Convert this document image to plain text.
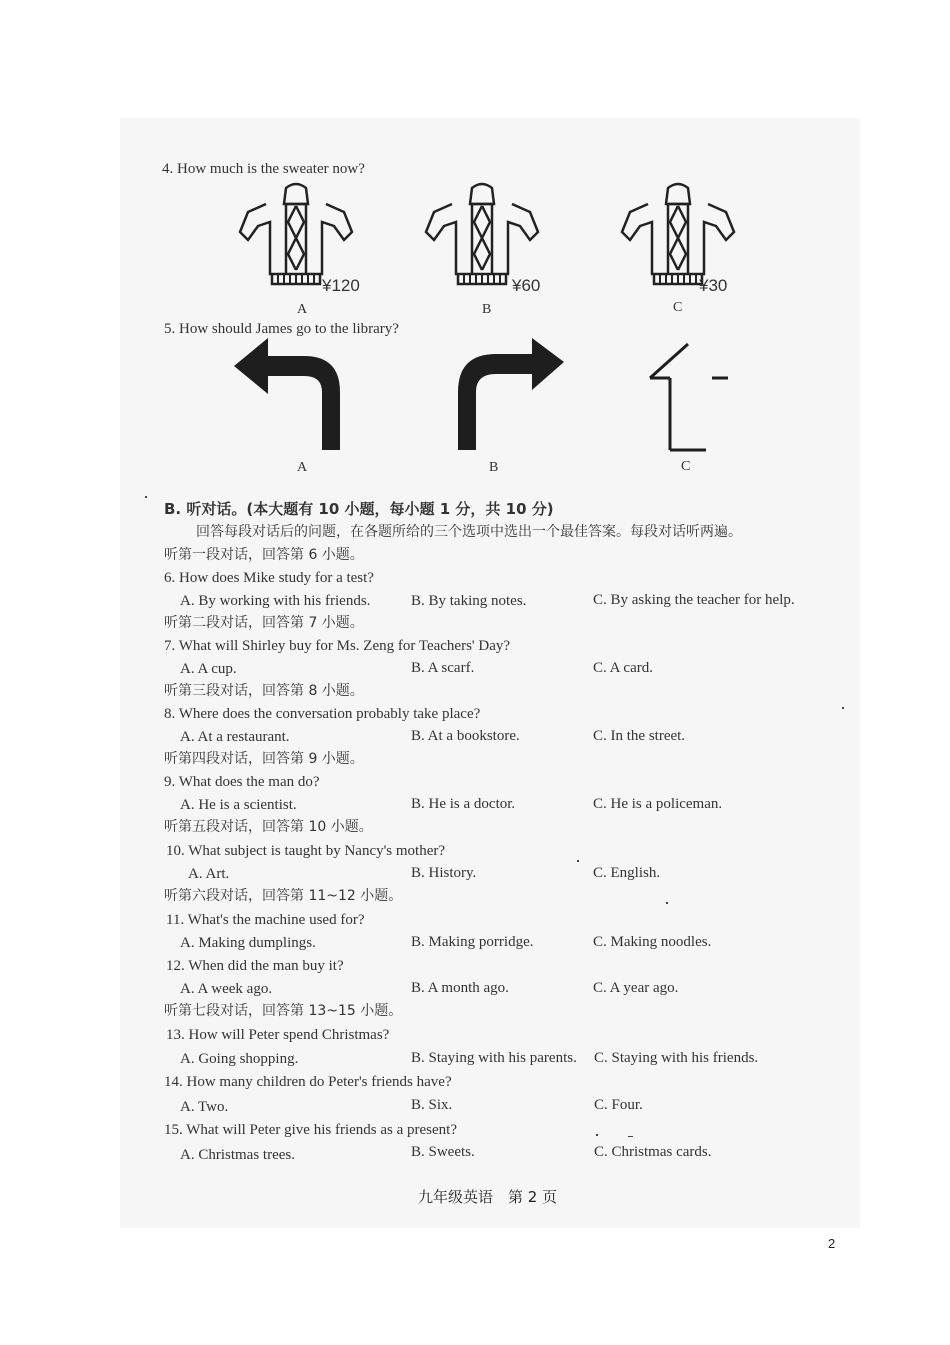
4. How much is the sweater now?
¥120
A
¥60
B
¥30
C
5. How should James go to the library?
A	B	C
B. 听对话。(本大题有 10 小题，每小题 1 分，共 10 分)
回答每段对话后的问题，在各题所给的三个选项中选出一个最佳答案。每段对话听两遍。
听第一段对话，回答第 6 小题。
6. How does Mike study for a test?
A. By working with his friends.	B. By taking notes.	C. By asking the teacher for help.
听第二段对话，回答第 7 小题。
7. What will Shirley buy for Ms. Zeng for Teachers' Day?
A. A cup.	B. A scarf.	C. A card.
听第三段对话，回答第 8 小题。
8. Where does the conversation probably take place?
A. At a restaurant.	B. At a bookstore.	C. In the street.
听第四段对话，回答第 9 小题。
9. What does the man do?
A. He is a scientist.	B. He is a doctor.	C. He is a policeman.
听第五段对话，回答第 10 小题。
10. What subject is taught by Nancy's mother?
A. Art.	B. History.	C. English.
听第六段对话，回答第 11~12 小题。
11. What's the machine used for?
A. Making dumplings.	B. Making porridge.	C. Making noodles.
12. When did the man buy it?
A. A week ago.	B. A month ago.	C. A year ago.
听第七段对话，回答第 13~15 小题。
13. How will Peter spend Christmas?
A. Going shopping.	B. Staying with his parents. C. Staying with his friends.
14. How many children do Peter's friends have?
A. Two.	B. Six.	C. Four.
15. What will Peter give his friends as a present?
A. Christmas trees.	B. Sweets.	C. Christmas cards.
九年级英语　第 2 页
2
